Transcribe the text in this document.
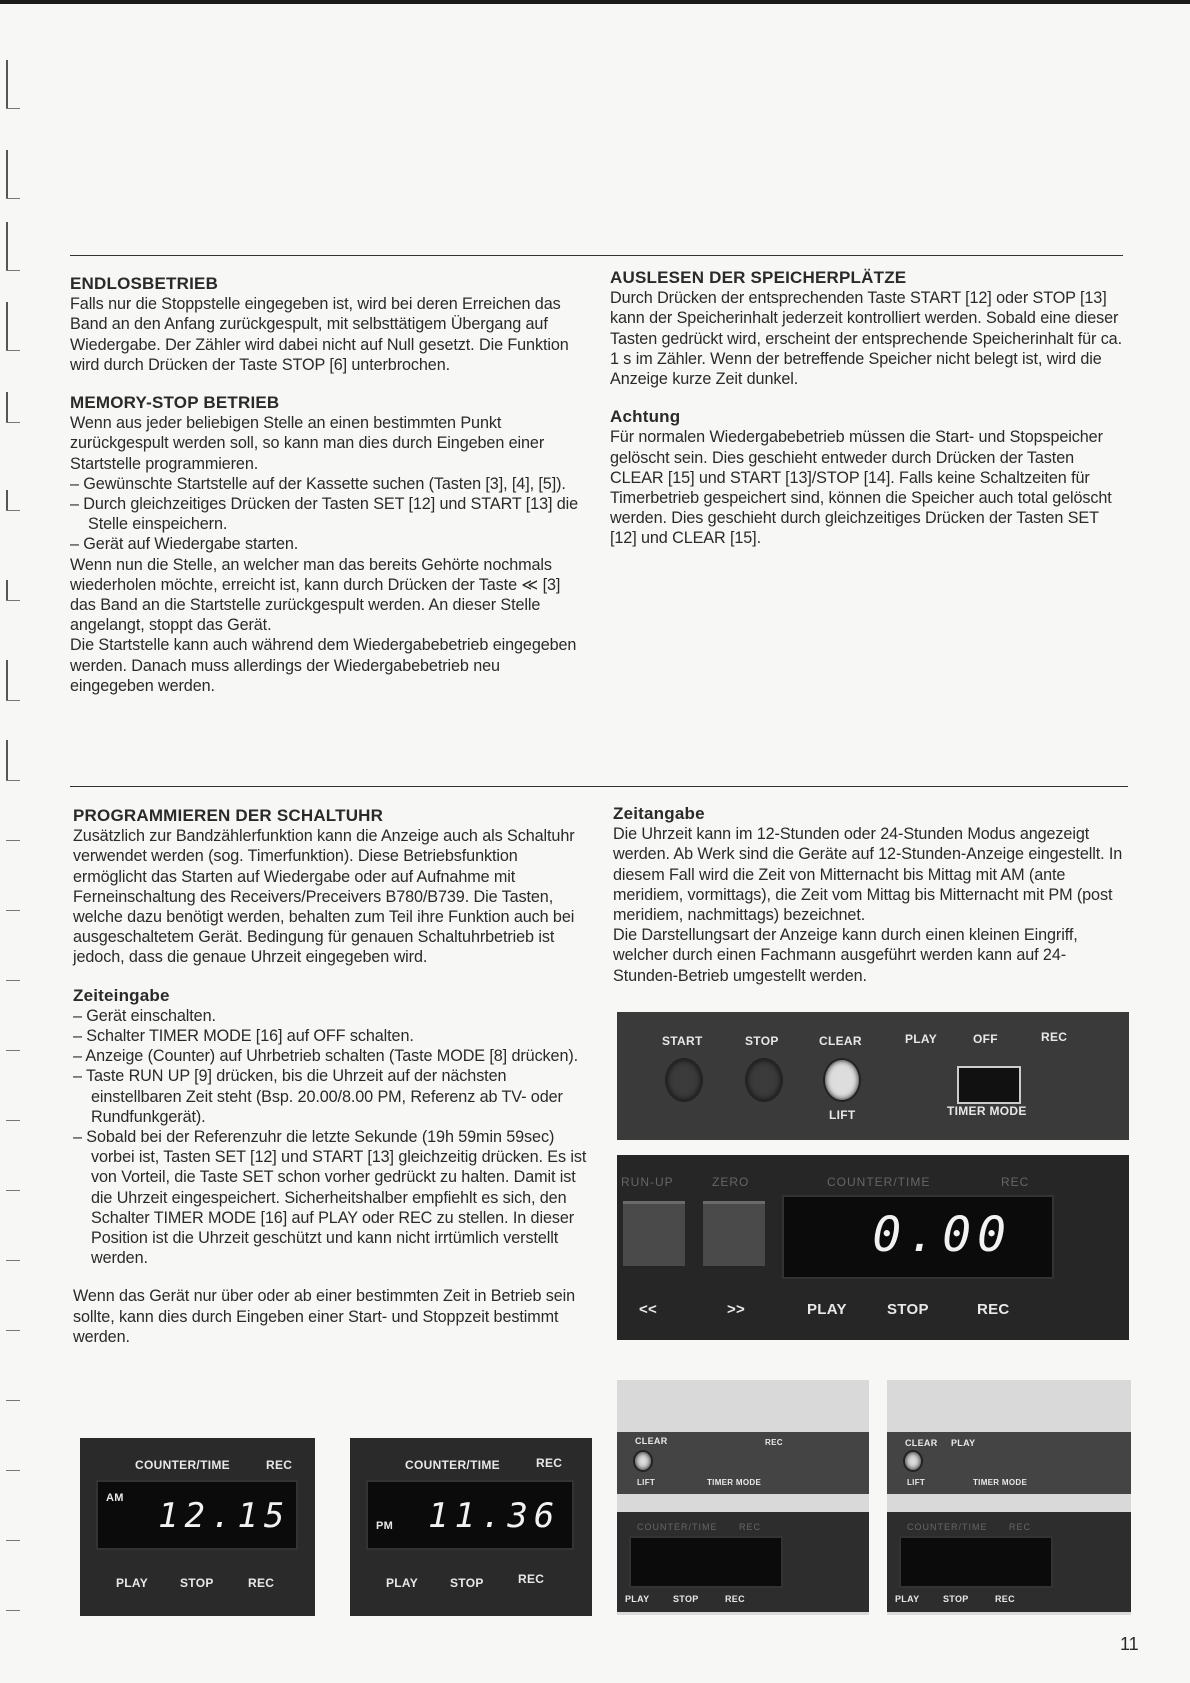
ENDLOSBETRIEB

Falls nur die Stoppstelle eingegeben ist, wird bei deren Erreichen das Band an den Anfang zurückgespult, mit selbsttätigem Übergang auf Wiedergabe. Der Zähler wird dabei nicht auf Null gesetzt. Die Funktion wird durch Drücken der Taste STOP [6] unterbrochen.

MEMORY-STOP BETRIEB

Wenn aus jeder beliebigen Stelle an einen bestimmten Punkt zurückgespult werden soll, so kann man dies durch Eingeben einer Startstelle programmieren.

– Gewünschte Startstelle auf der Kassette suchen (Tasten [3], [4], [5]).
– Durch gleichzeitiges Drücken der Tasten SET [12] und START [13] die Stelle einspeichern.
– Gerät auf Wiedergabe starten.

Wenn nun die Stelle, an welcher man das bereits Gehörte nochmals wiederholen möchte, erreicht ist, kann durch Drücken der Taste ≪ [3] das Band an die Startstelle zurückgespult werden. An dieser Stelle angelangt, stoppt das Gerät.

Die Startstelle kann auch während dem Wiedergabebetrieb eingegeben werden. Danach muss allerdings der Wiedergabebetrieb neu eingegeben werden.

AUSLESEN DER SPEICHERPLÄTZE

Durch Drücken der entsprechenden Taste START [12] oder STOP [13] kann der Speicherinhalt jederzeit kontrolliert werden. Sobald eine dieser Tasten gedrückt wird, erscheint der entsprechende Speicherinhalt für ca. 1 s im Zähler. Wenn der betreffende Speicher nicht belegt ist, wird die Anzeige kurze Zeit dunkel.

Achtung

Für normalen Wiedergabebetrieb müssen die Start- und Stopspeicher gelöscht sein. Dies geschieht entweder durch Drücken der Tasten CLEAR [15] und START [13]/STOP [14]. Falls keine Schaltzeiten für Timerbetrieb gespeichert sind, können die Speicher auch total gelöscht werden. Dies geschieht durch gleichzeitiges Drücken der Tasten SET [12] und CLEAR [15].

PROGRAMMIEREN DER SCHALTUHR

Zusätzlich zur Bandzählerfunktion kann die Anzeige auch als Schaltuhr verwendet werden (sog. Timerfunktion). Diese Betriebsfunktion ermöglicht das Starten auf Wiedergabe oder auf Aufnahme mit Ferneinschaltung des Receivers/Preceivers B780/B739. Die Tasten, welche dazu benötigt werden, behalten zum Teil ihre Funktion auch bei ausgeschaltetem Gerät. Bedingung für genauen Schaltuhrbetrieb ist jedoch, dass die genaue Uhrzeit eingegeben wird.

Zeiteingabe
– Gerät einschalten.
– Schalter TIMER MODE [16] auf OFF schalten.
– Anzeige (Counter) auf Uhrbetrieb schalten (Taste MODE [8] drücken).
– Taste RUN UP [9] drücken, bis die Uhrzeit auf der nächsten einstellbaren Zeit steht (Bsp. 20.00/8.00 PM, Referenz ab TV- oder Rundfunkgerät).
– Sobald bei der Referenzuhr die letzte Sekunde (19h 59min 59sec) vorbei ist, Tasten SET [12] und START [13] gleichzeitig drücken. Es ist von Vorteil, die Taste SET schon vorher gedrückt zu halten. Damit ist die Uhrzeit eingespeichert. Sicherheitshalber empfiehlt es sich, den Schalter TIMER MODE [16] auf PLAY oder REC zu stellen. In dieser Position ist die Uhrzeit geschützt und kann nicht irrtümlich verstellt werden.

Wenn das Gerät nur über oder ab einer bestimmten Zeit in Betrieb sein sollte, kann dies durch Eingeben einer Start- und Stoppzeit bestimmt werden.

Zeitangabe

Die Uhrzeit kann im 12-Stunden oder 24-Stunden Modus angezeigt werden. Ab Werk sind die Geräte auf 12-Stunden-Anzeige eingestellt. In diesem Fall wird die Zeit von Mitternacht bis Mittag mit AM (ante meridiem, vormittags), die Zeit vom Mittag bis Mitternacht mit PM (post meridiem, nachmittags) bezeichnet.

Die Darstellungsart der Anzeige kann durch einen kleinen Eingriff, welcher durch einen Fachmann ausgeführt werden kann auf 24-Stunden-Betrieb umgestellt werden.

START	STOP	CLEAR	PLAY	OFF	REC
LIFT	TIMER MODE
RUN-UP	ZERO	COUNTER/TIME	REC
0.00
<<	>>	PLAY	STOP	REC
CLEAR
LIFT
REC
TIMER MODE
COUNTER/TIME REC
PLAY	STOP	REC
CLEAR PLAY
LIFT	TIMER MODE
COUNTER/TIME REC
PLAY	STOP	REC
COUNTER/TIME	REC
AM 12.15
PLAY	STOP	REC
COUNTER/TIME	REC
PM 11.36
PLAY	STOP	REC
11
